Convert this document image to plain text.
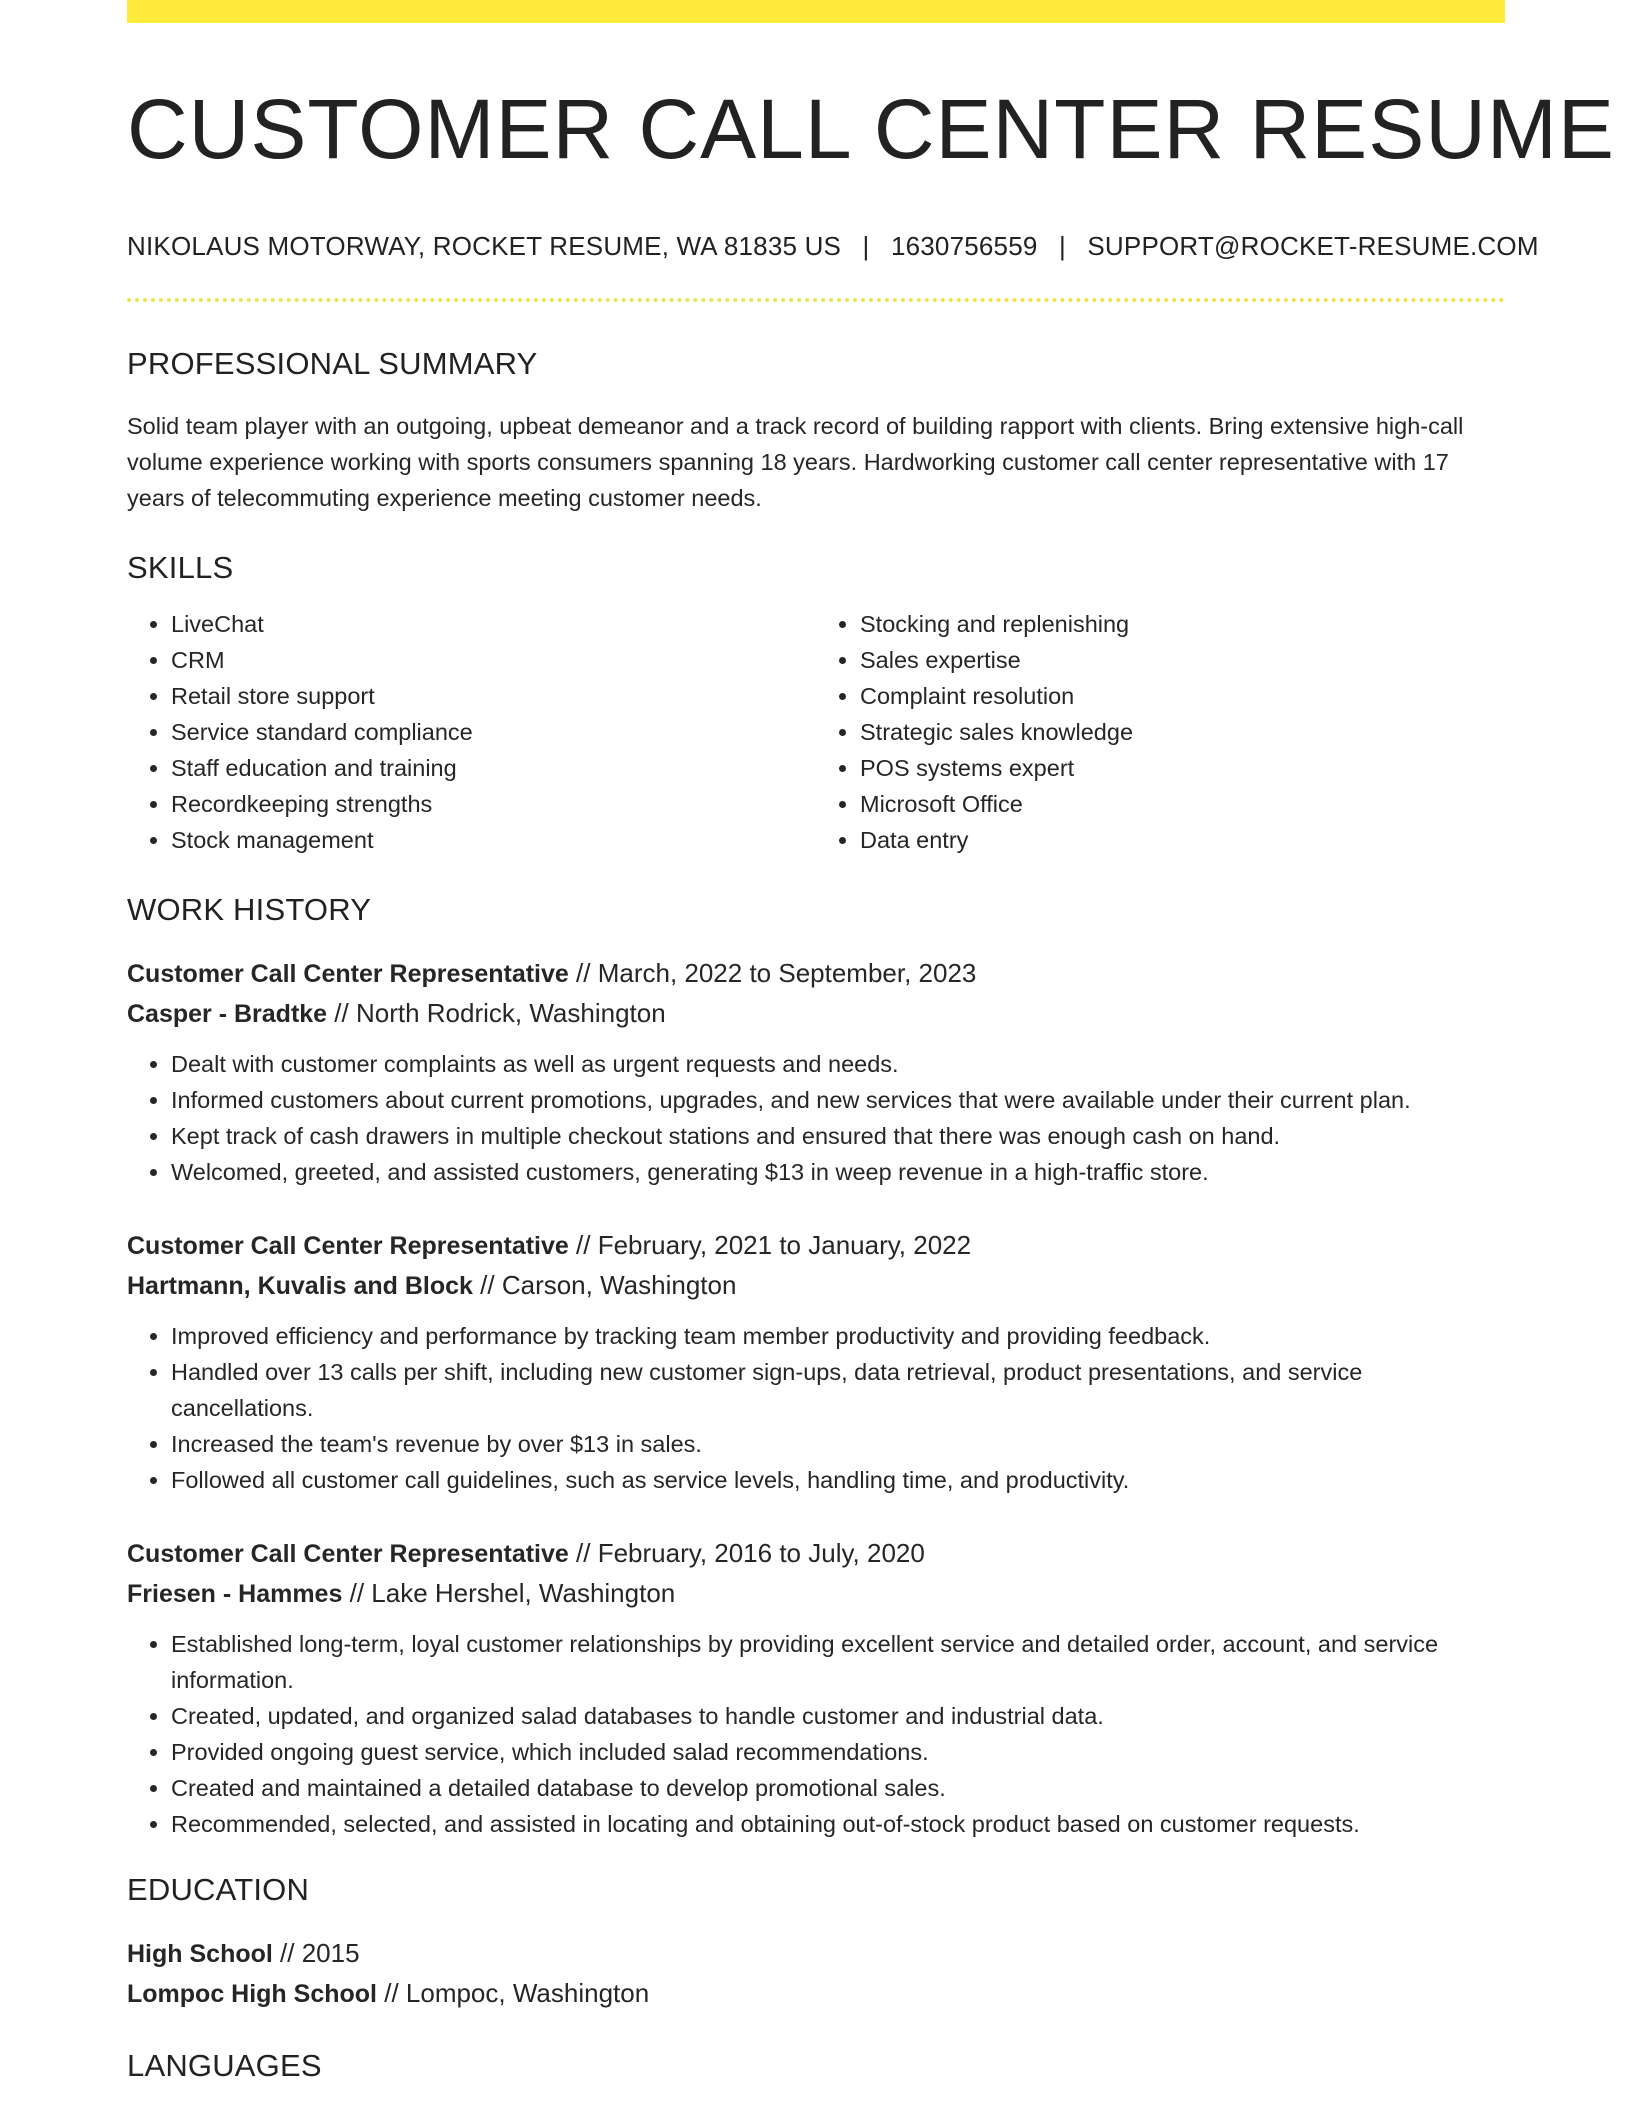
CUSTOMER CALL CENTER RESUME
NIKOLAUS MOTORWAY, ROCKET RESUME, WA 81835 US | 1630756559 | SUPPORT@ROCKET-RESUME.COM
PROFESSIONAL SUMMARY
Solid team player with an outgoing, upbeat demeanor and a track record of building rapport with clients. Bring extensive high-call volume experience working with sports consumers spanning 18 years. Hardworking customer call center representative with 17 years of telecommuting experience meeting customer needs.
SKILLS
• LiveChat
• CRM
• Retail store support
• Service standard compliance
• Staff education and training
• Recordkeeping strengths
• Stock management
• Stocking and replenishing
• Sales expertise
• Complaint resolution
• Strategic sales knowledge
• POS systems expert
• Microsoft Office
• Data entry
WORK HISTORY
Customer Call Center Representative // March, 2022 to September, 2023
Casper - Bradtke // North Rodrick, Washington
• Dealt with customer complaints as well as urgent requests and needs.
• Informed customers about current promotions, upgrades, and new services that were available under their current plan.
• Kept track of cash drawers in multiple checkout stations and ensured that there was enough cash on hand.
• Welcomed, greeted, and assisted customers, generating $13 in weep revenue in a high-traffic store.
Customer Call Center Representative // February, 2021 to January, 2022
Hartmann, Kuvalis and Block // Carson, Washington
• Improved efficiency and performance by tracking team member productivity and providing feedback.
• Handled over 13 calls per shift, including new customer sign-ups, data retrieval, product presentations, and service cancellations.
• Increased the team's revenue by over $13 in sales.
• Followed all customer call guidelines, such as service levels, handling time, and productivity.
Customer Call Center Representative // February, 2016 to July, 2020
Friesen - Hammes // Lake Hershel, Washington
• Established long-term, loyal customer relationships by providing excellent service and detailed order, account, and service information.
• Created, updated, and organized salad databases to handle customer and industrial data.
• Provided ongoing guest service, which included salad recommendations.
• Created and maintained a detailed database to develop promotional sales.
• Recommended, selected, and assisted in locating and obtaining out-of-stock product based on customer requests.
EDUCATION
High School // 2015
Lompoc High School // Lompoc, Washington
LANGUAGES
